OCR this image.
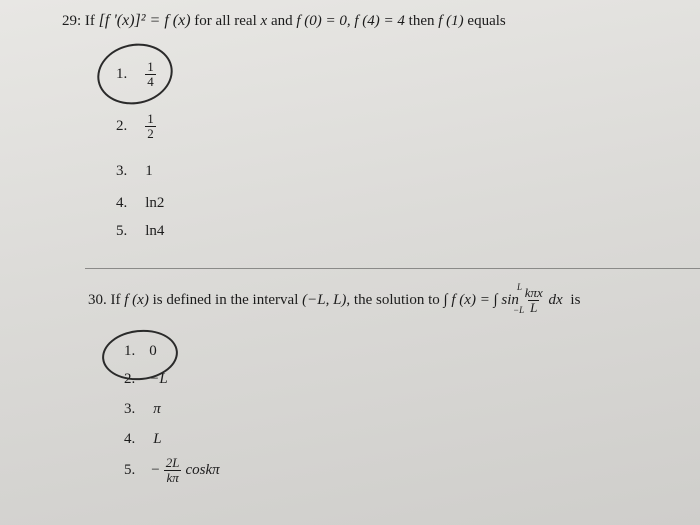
29: If [f '(x)]² = f (x) for all real x and f (0) = 0, f (4) = 4 then f (1) equals
1. $\frac{1}{4}$
2. $\frac{1}{2}$
3. 1
4. ln2
5. ln4
30. If f (x) is defined in the interval (−L, L), the solution to ∫ f (x) = ∫ $\sin \frac{\text{kπx}}{L}$ dx is
L
−L
1. 0
2. −L
3. π
4. L
5. − $\frac{2L}{k\pi}$ coskπ
